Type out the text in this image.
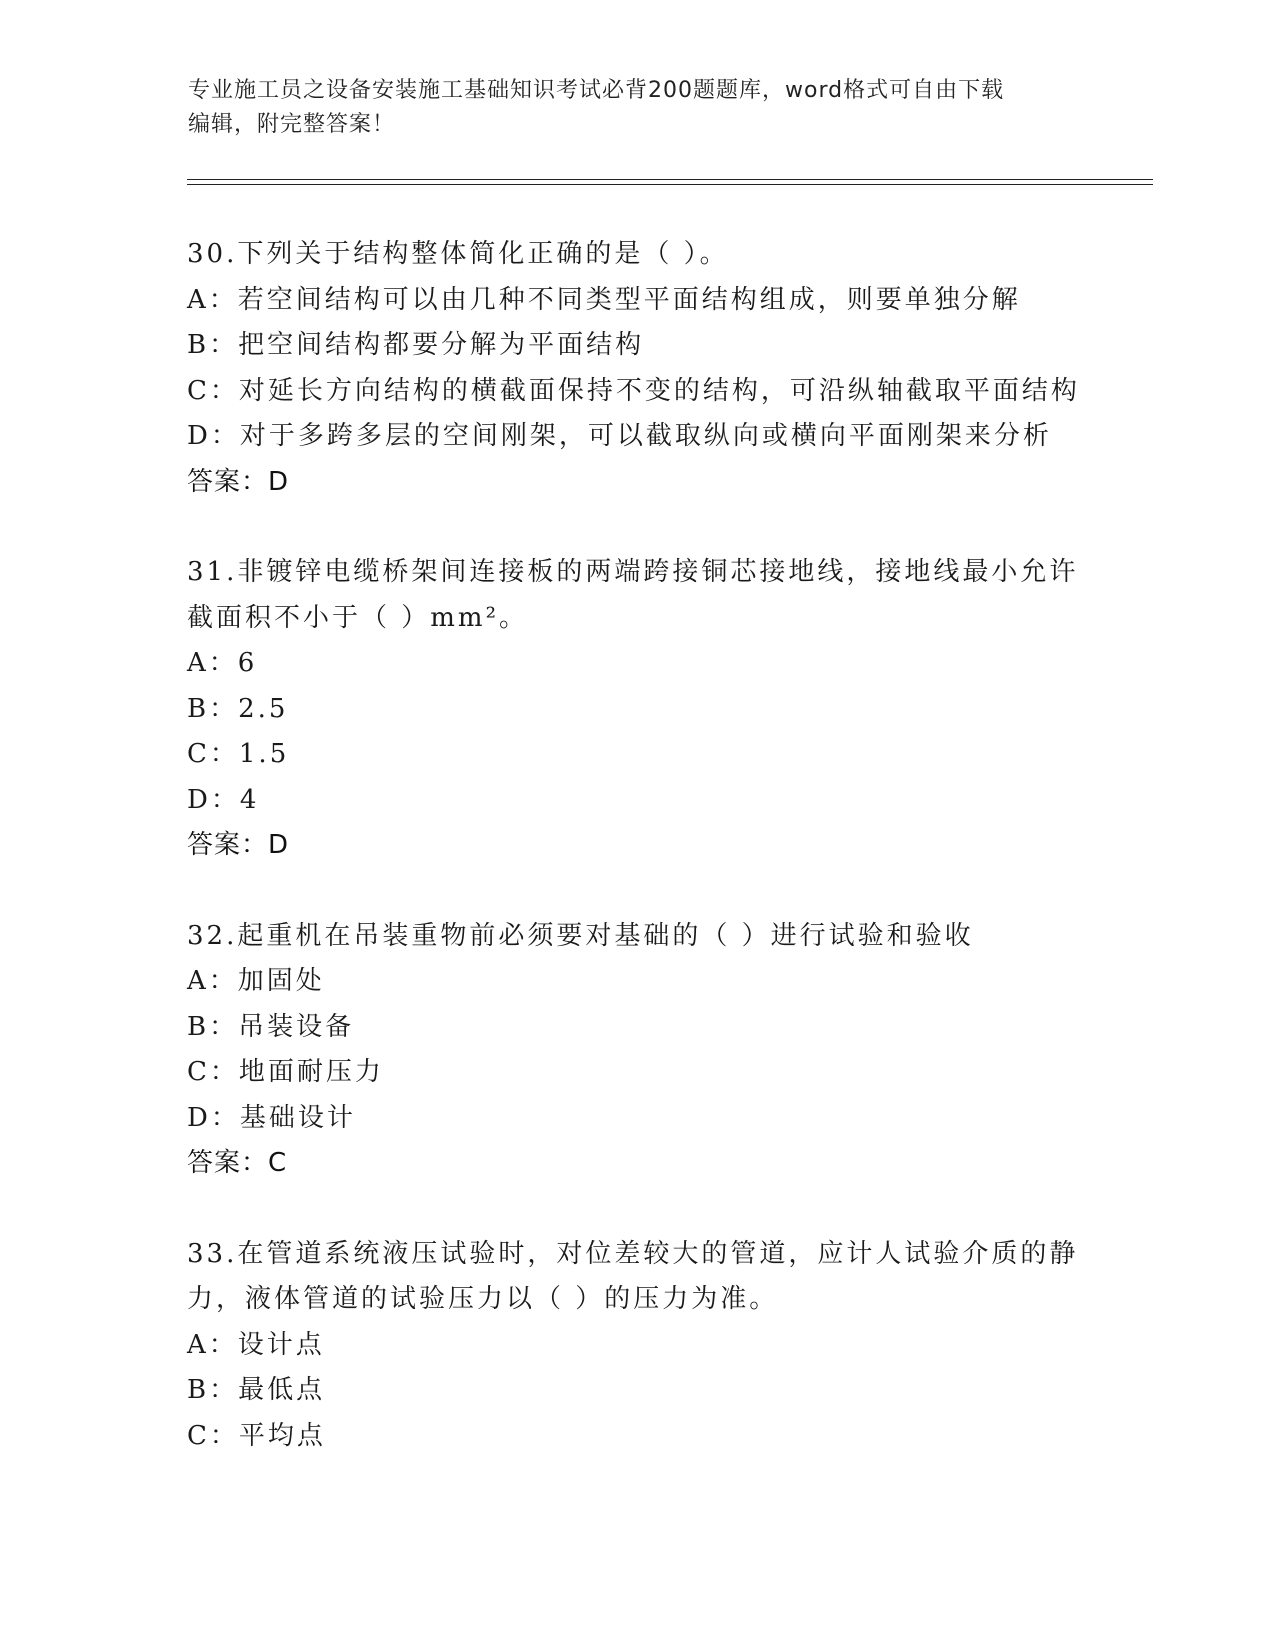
专业施工员之设备安装施工基础知识考试必背200题题库，word格式可自由下载
编辑，附完整答案！
30.下列关于结构整体简化正确的是（ ）。
A：若空间结构可以由几种不同类型平面结构组成，则要单独分解
B：把空间结构都要分解为平面结构
C：对延长方向结构的横截面保持不变的结构，可沿纵轴截取平面结构
D：对于多跨多层的空间刚架，可以截取纵向或横向平面刚架来分析
答案：D
31.非镀锌电缆桥架间连接板的两端跨接铜芯接地线，接地线最小允许
截面积不小于（ ）mm²。
A：6
B：2.5
C：1.5
D：4
答案：D
32.起重机在吊装重物前必须要对基础的（ ）进行试验和验收
A：加固处
B：吊装设备
C：地面耐压力
D：基础设计
答案：C
33.在管道系统液压试验时，对位差较大的管道，应计人试验介质的静
力，液体管道的试验压力以（ ）的压力为准。
A：设计点
B：最低点
C：平均点
